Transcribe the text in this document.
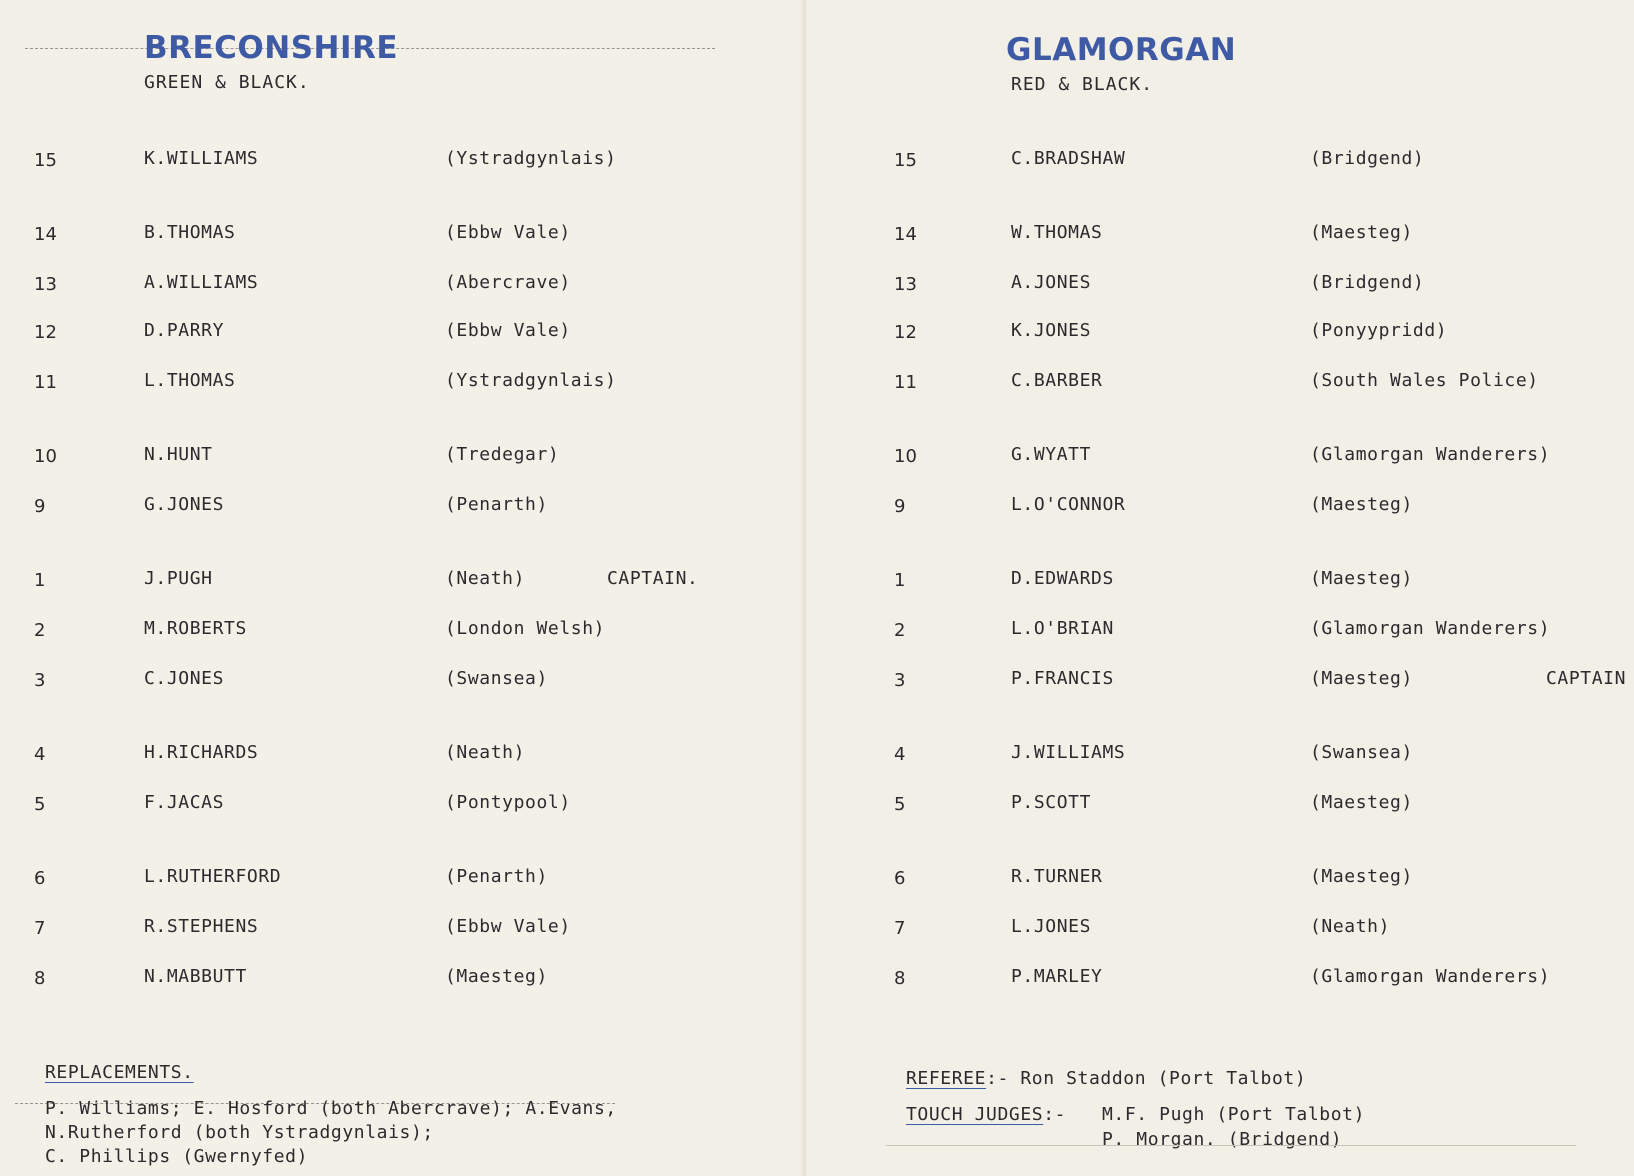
BRECONSHIRE
GREEN & BLACK.
15	K.WILLIAMS	(Ystradgynlais)
14	B.THOMAS	(Ebbw Vale)
13	A.WILLIAMS	(Abercrave)
12	D.PARRY	(Ebbw Vale)
11	L.THOMAS	(Ystradgynlais)
10	N.HUNT	(Tredegar)
9	G.JONES	(Penarth)
1	J.PUGH	(Neath)	CAPTAIN.
2	M.ROBERTS	(London Welsh)
3	C.JONES	(Swansea)
4	H.RICHARDS	(Neath)
5	F.JACAS	(Pontypool)
6	L.RUTHERFORD	(Penarth)
7	R.STEPHENS	(Ebbw Vale)
8	N.MABBUTT	(Maesteg)
REPLACEMENTS.
P. Williams; E. Hosford (both Abercrave); A.Evans,
N.Rutherford (both Ystradgynlais);
C. Phillips (Gwernyfed)
GLAMORGAN
RED & BLACK.
15	C.BRADSHAW	(Bridgend)
14	W.THOMAS	(Maesteg)
13	A.JONES	(Bridgend)
12	K.JONES	(Ponyypridd)
11	C.BARBER	(South Wales Police)
10	G.WYATT	(Glamorgan Wanderers)
9	L.O'CONNOR	(Maesteg)
1	D.EDWARDS	(Maesteg)
2	L.O'BRIAN	(Glamorgan Wanderers)
3	P.FRANCIS	(Maesteg)	CAPTAIN
4	J.WILLIAMS	(Swansea)
5	P.SCOTT	(Maesteg)
6	R.TURNER	(Maesteg)
7	L.JONES	(Neath)
8	P.MARLEY	(Glamorgan Wanderers)
REFEREE:- Ron Staddon (Port Talbot)
TOUCH JUDGES:- M.F. Pugh (Port Talbot)
P. Morgan. (Bridgend)
